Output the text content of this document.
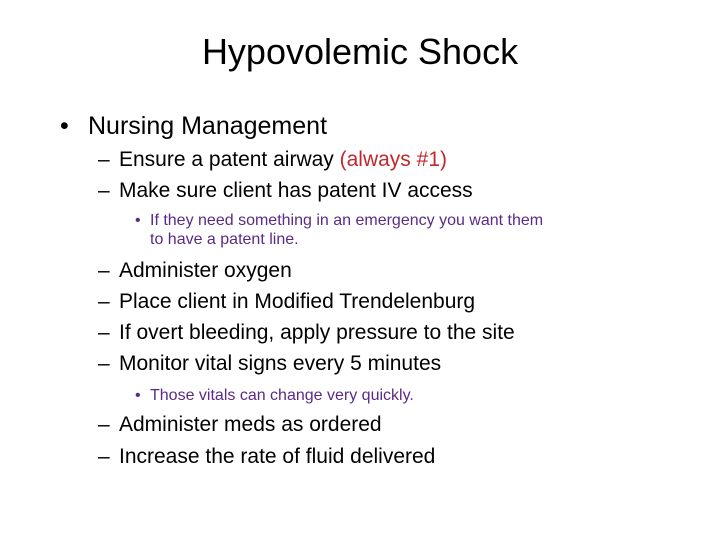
Hypovolemic Shock
• Nursing Management
– Ensure a patent airway (always #1)
– Make sure client has patent IV access
• If they need something in an emergency you want them
to have a patent line.
– Administer oxygen
– Place client in Modified Trendelenburg
– If overt bleeding, apply pressure to the site
– Monitor vital signs every 5 minutes
• Those vitals can change very quickly.
– Administer meds as ordered
– Increase the rate of fluid delivered
